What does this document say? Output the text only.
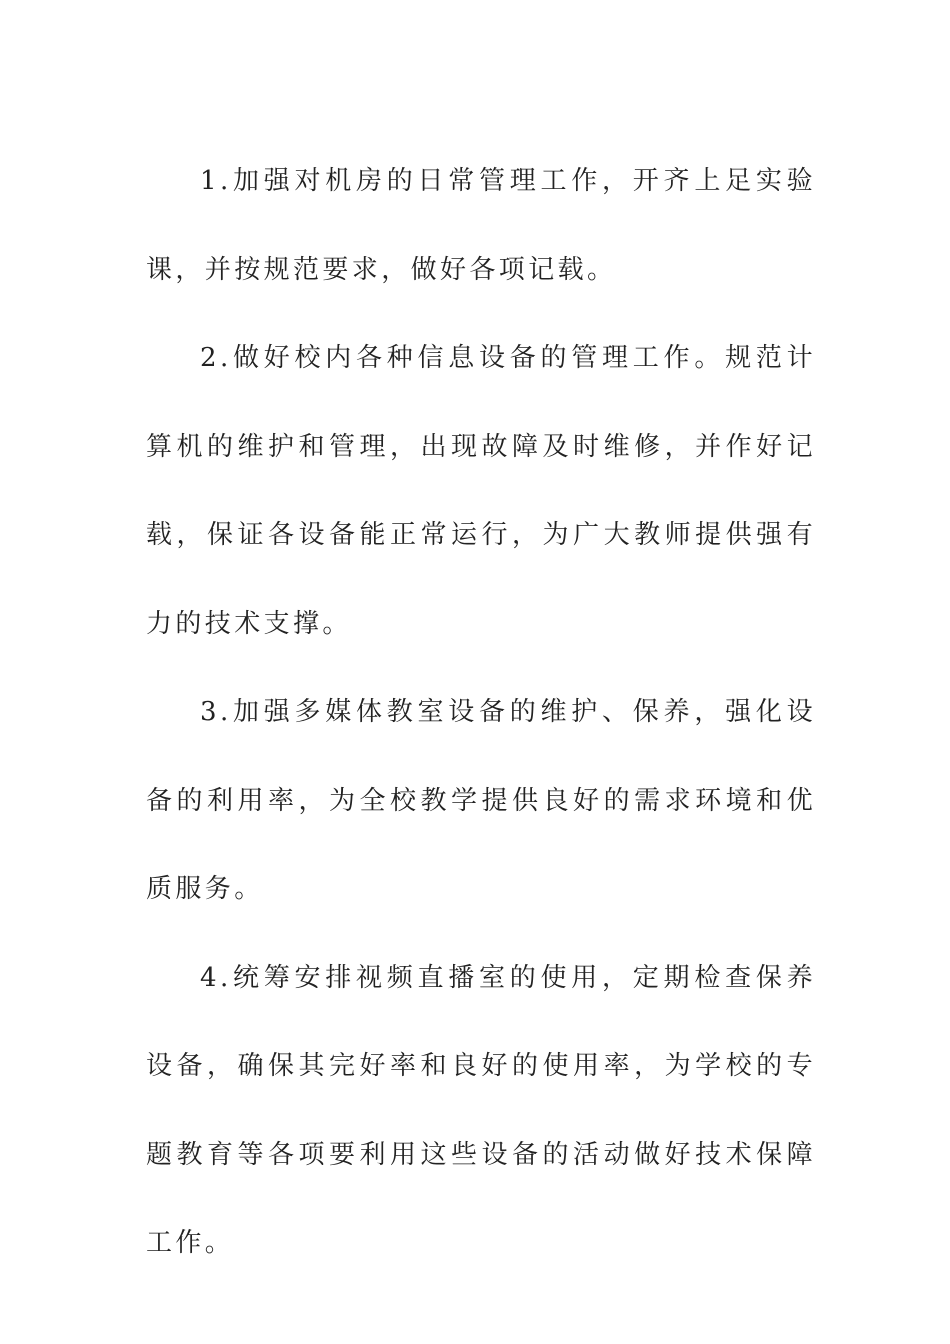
1.加强对机房的日常管理工作，开齐上足实验课，并按规范要求，做好各项记载。

2.做好校内各种信息设备的管理工作。规范计算机的维护和管理，出现故障及时维修，并作好记载，保证各设备能正常运行，为广大教师提供强有力的技术支撑。

3.加强多媒体教室设备的维护、保养，强化设备的利用率，为全校教学提供良好的需求环境和优质服务。

4.统筹安排视频直播室的使用，定期检查保养设备，确保其完好率和良好的使用率，为学校的专题教育等各项要利用这些设备的活动做好技术保障工作。
